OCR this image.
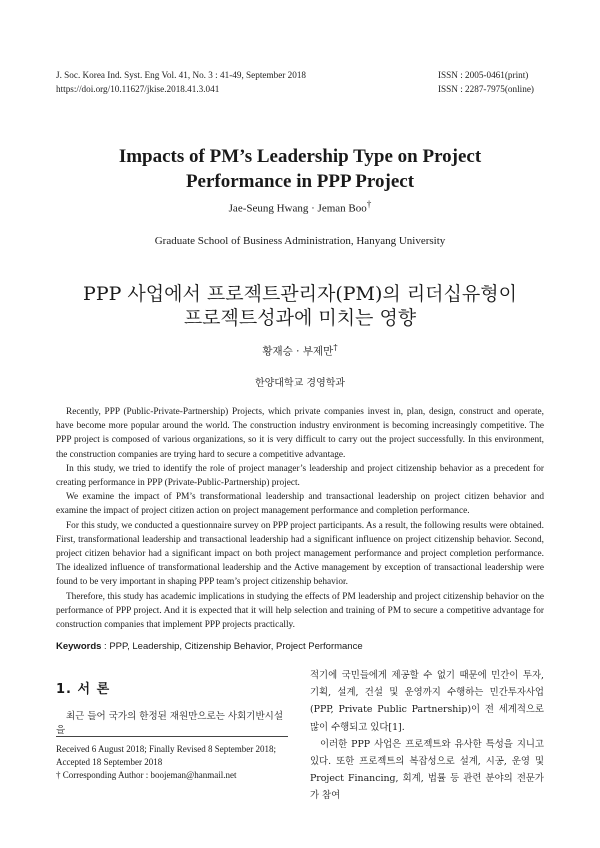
J. Soc. Korea Ind. Syst. Eng Vol. 41, No. 3 : 41-49, September 2018
https://doi.org/10.11627/jkise.2018.41.3.041
ISSN : 2005-0461(print)
ISSN : 2287-7975(online)
Impacts of PM’s Leadership Type on Project
Performance in PPP Project
Jae-Seung Hwang · Jeman Boo†
Graduate School of Business Administration, Hanyang University
PPP 사업에서 프로젝트관리자(PM)의 리더십유형이
프로젝트성과에 미치는 영향
황재승 · 부제만†
한양대학교 경영학과

Recently, PPP (Public-Private-Partnership) Projects, which private companies invest in, plan, design, construct and operate, have become more popular around the world. The construction industry environment is becoming increasingly competitive. The PPP project is composed of various organizations, so it is very difficult to carry out the project successfully. In this environment, the construction companies are trying hard to secure a competitive advantage.

In this study, we tried to identify the role of project manager’s leadership and project citizenship behavior as a precedent for creating performance in PPP (Private-Public-Partnership) project.

We examine the impact of PM’s transformational leadership and transactional leadership on project citizen behavior and examine the impact of project citizen action on project management performance and completion performance.

For this study, we conducted a questionnaire survey on PPP project participants. As a result, the following results were obtained. First, transformational leadership and transactional leadership had a significant influence on project citizenship behavior. Second, project citizen behavior had a significant impact on both project management performance and project completion performance. The idealized influence of transformational leadership and the Active management by exception of transactional leadership were found to be very important in shaping PPP team’s project citizenship behavior.

Therefore, this study has academic implications in studying the effects of PM leadership and project citizenship behavior on the performance of PPP project. And it is expected that it will help selection and training of PM to secure a competitive advantage for construction companies that implement PPP projects practically.

Keywords : PPP, Leadership, Citizenship Behavior, Project Performance
1. 서 론
최근 들어 국가의 한정된 재원만으로는 사회기반시설을
Received 6 August 2018; Finally Revised 8 September 2018;
Accepted 18 September 2018
† Corresponding Author : boojeman@hanmail.net

적기에 국민들에게 제공할 수 없기 때문에 민간이 투자, 기획, 설계, 건설 및 운영까지 수행하는 민간투자사업(PPP, Private Public Partnership)이 전 세계적으로 많이 수행되고 있다[1].

이러한 PPP 사업은 프로젝트와 유사한 특성을 지니고 있다. 또한 프로젝트의 복잡성으로 설계, 시공, 운영 및 Project Financing, 회계, 법률 등 관련 분야의 전문가가 참여
